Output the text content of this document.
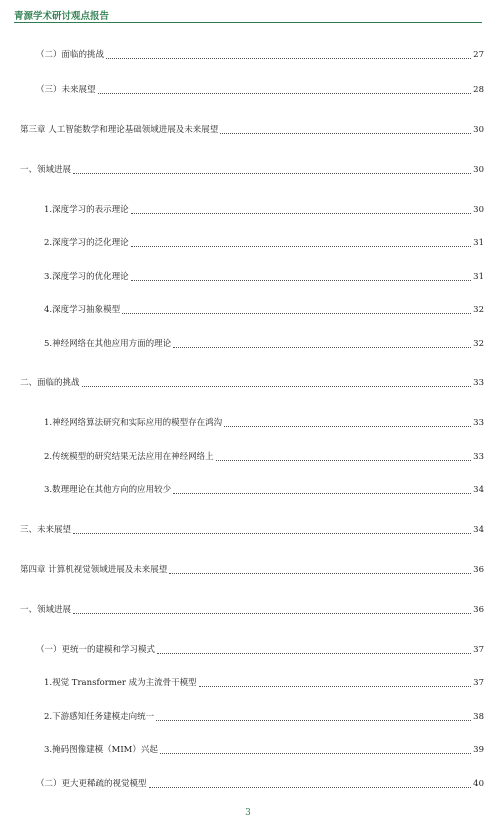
青源学术研讨观点报告
（二）面临的挑战	27
（三）未来展望	28
第三章 人工智能数学和理论基础领域进展及未来展望	30
一、领域进展	30
1.深度学习的表示理论	30
2.深度学习的泛化理论	31
3.深度学习的优化理论	31
4.深度学习抽象模型	32
5.神经网络在其他应用方面的理论	32
二、面临的挑战	33
1.神经网络算法研究和实际应用的模型存在鸿沟	33
2.传统模型的研究结果无法应用在神经网络上	33
3.数理理论在其他方向的应用较少	34
三、未来展望	34
第四章 计算机视觉领域进展及未来展望	36
一、领域进展	36
（一）更统一的建模和学习模式	37
1.视觉 Transformer 成为主流骨干模型	37
2.下游感知任务建模走向统一	38
3.掩码图像建模（MIM）兴起	39
（二）更大更稀疏的视觉模型	40
3
